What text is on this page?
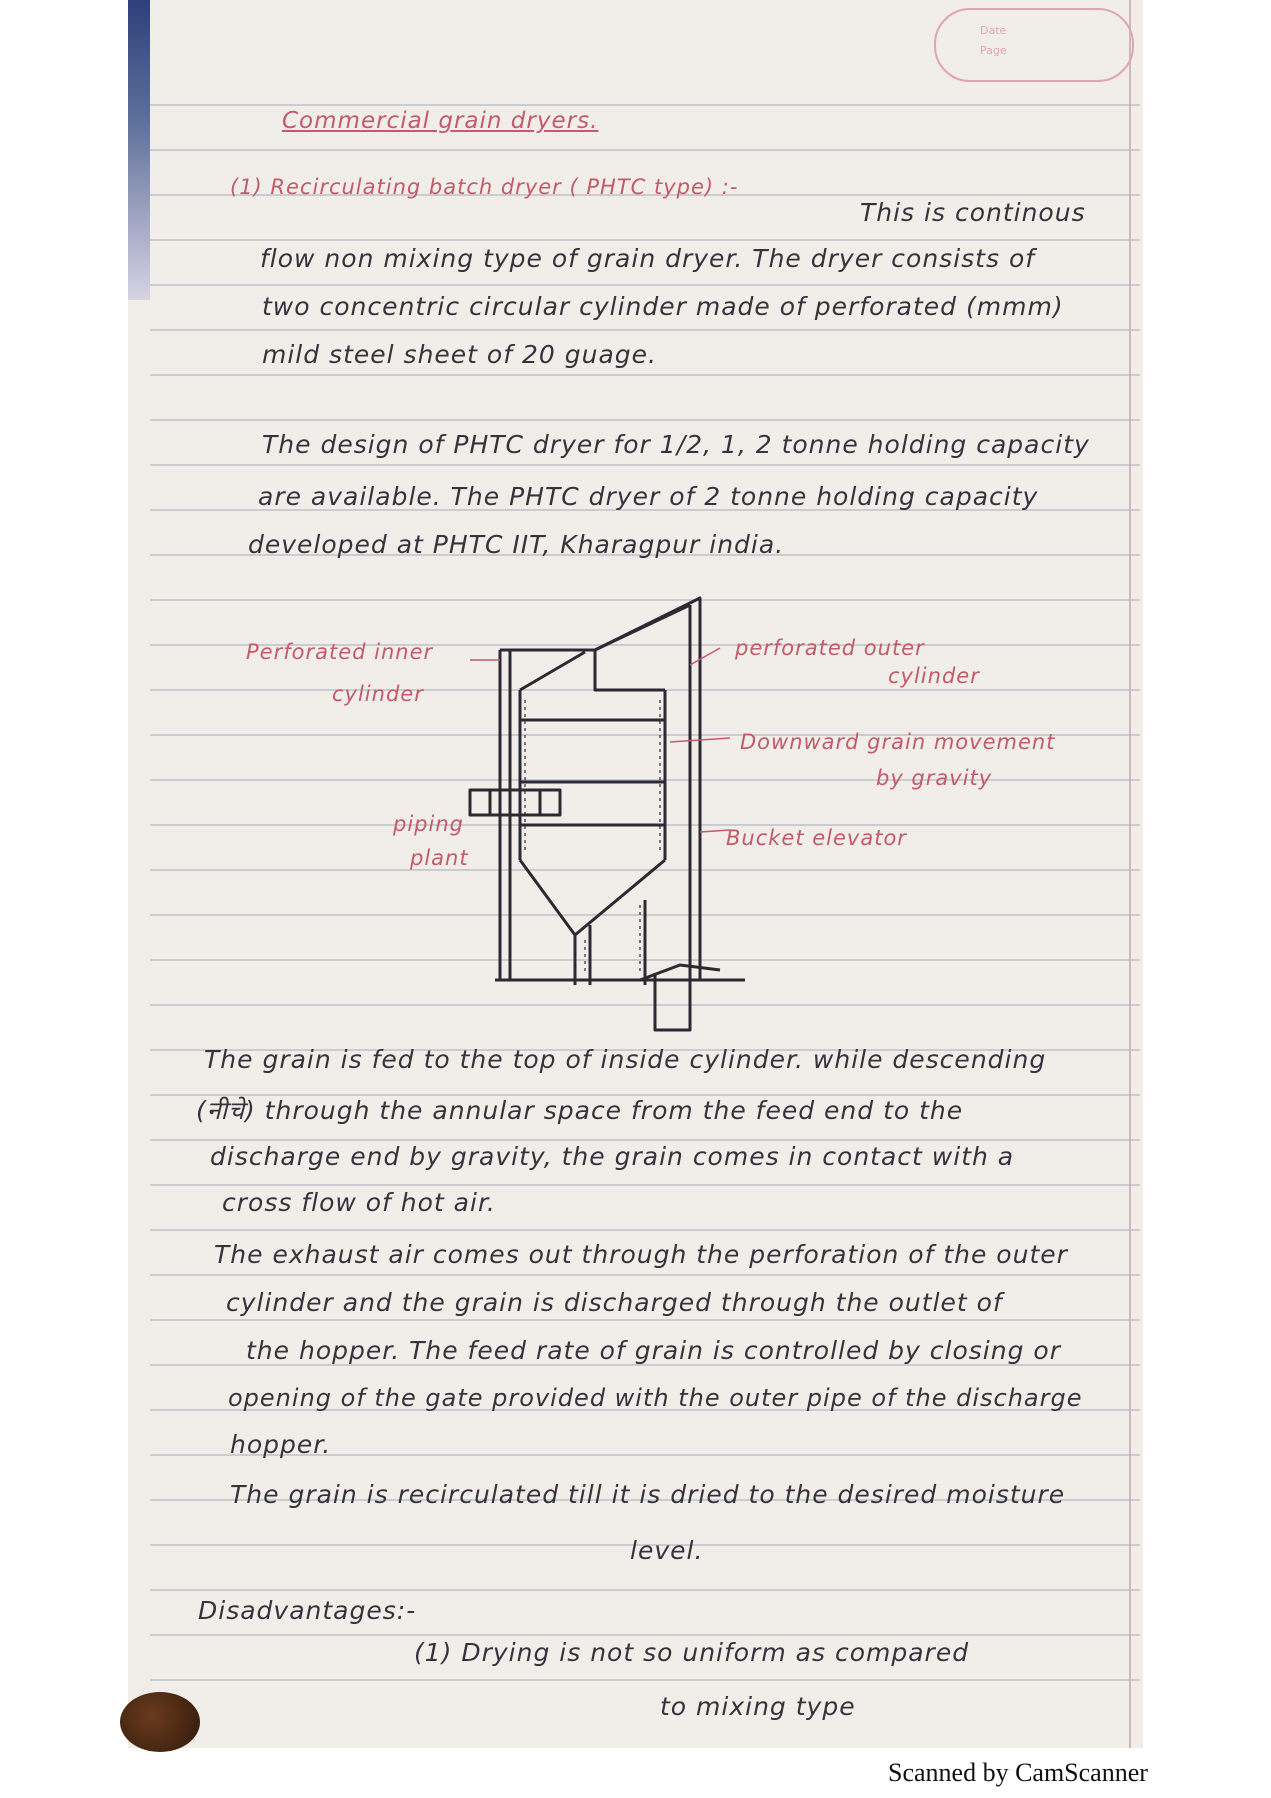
Date
Page
Commercial grain dryers.
(1) Recirculating batch dryer ( PHTC type) :-
This is continous
flow non mixing type of grain dryer. The dryer consists of
two concentric circular cylinder made of perforated (mmm)
mild steel sheet of 20 guage.
The design of PHTC dryer for 1/2, 1, 2 tonne holding capacity
are available. The PHTC dryer of 2 tonne holding capacity
developed at PHTC IIT, Kharagpur india.
Perforated inner
cylinder
perforated outer
cylinder
Downward grain movement
by gravity
Bucket elevator
piping
plant
The grain is fed to the top of inside cylinder. while descending
(नीचे) through the annular space from the feed end to the
discharge end by gravity, the grain comes in contact with a
cross flow of hot air.
The exhaust air comes out through the perforation of the outer
cylinder and the grain is discharged through the outlet of
the hopper. The feed rate of grain is controlled by closing or
opening of the gate provided with the outer pipe of the discharge
hopper.
The grain is recirculated till it is dried to the desired moisture
level.
Disadvantages:-
(1) Drying is not so uniform as compared
to mixing type
Scanned by CamScanner
